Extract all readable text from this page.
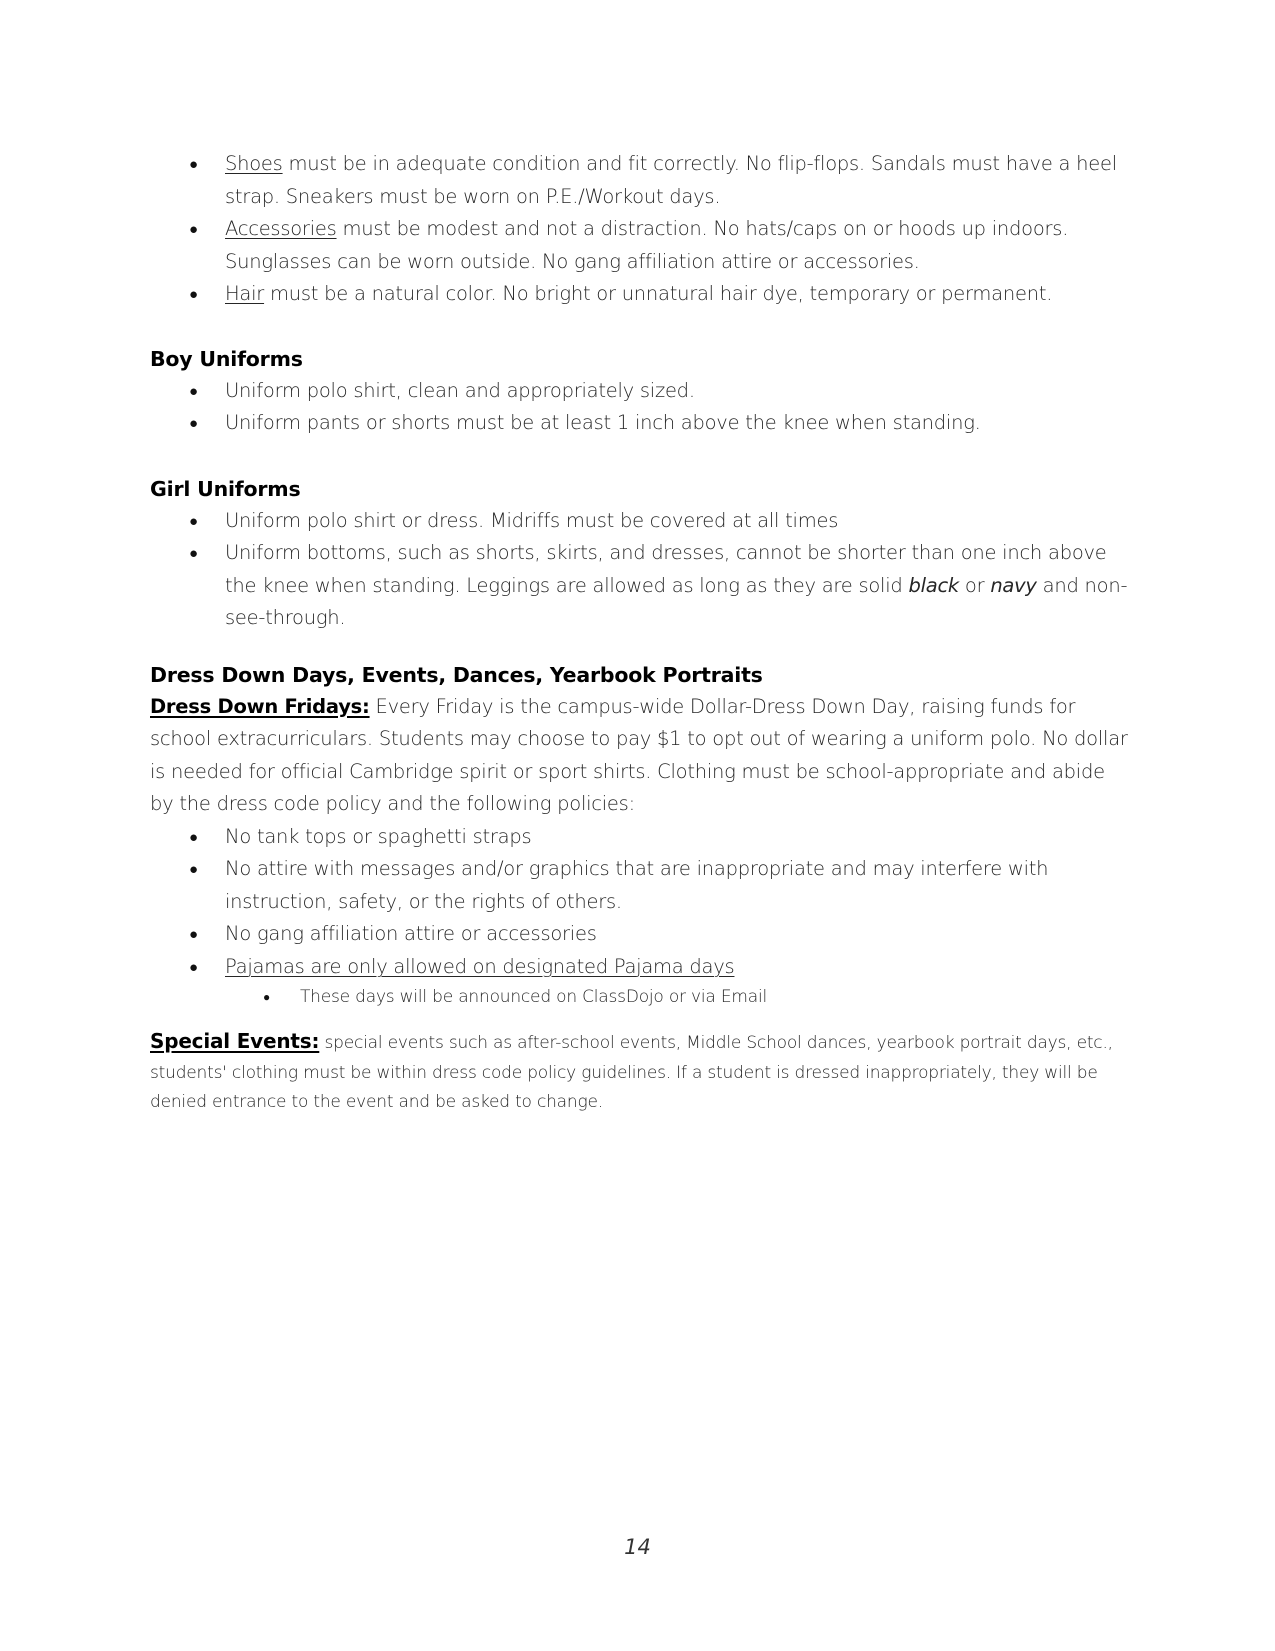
● Shoes must be in adequate condition and fit correctly. No flip-flops. Sandals must have a heel strap. Sneakers must be worn on P.E./Workout days.
● Accessories must be modest and not a distraction. No hats/caps on or hoods up indoors. Sunglasses can be worn outside. No gang affiliation attire or accessories.
● Hair must be a natural color. No bright or unnatural hair dye, temporary or permanent.
Boy Uniforms
● Uniform polo shirt, clean and appropriately sized.
● Uniform pants or shorts must be at least 1 inch above the knee when standing.
Girl Uniforms
● Uniform polo shirt or dress. Midriffs must be covered at all times
● Uniform bottoms, such as shorts, skirts, and dresses, cannot be shorter than one inch above the knee when standing. Leggings are allowed as long as they are solid black or navy and non-see-through.
Dress Down Days, Events, Dances, Yearbook Portraits

Dress Down Fridays: Every Friday is the campus-wide Dollar-Dress Down Day, raising funds for school extracurriculars. Students may choose to pay $1 to opt out of wearing a uniform polo. No dollar is needed for official Cambridge spirit or sport shirts. Clothing must be school-appropriate and abide by the dress code policy and the following policies:

● No tank tops or spaghetti straps
● No attire with messages and/or graphics that are inappropriate and may interfere with instruction, safety, or the rights of others.
● No gang affiliation attire or accessories
● Pajamas are only allowed on designated Pajama days
● These days will be announced on ClassDojo or via Email

Special Events: special events such as after-school events, Middle School dances, yearbook portrait days, etc., students' clothing must be within dress code policy guidelines. If a student is dressed inappropriately, they will be denied entrance to the event and be asked to change.

14
